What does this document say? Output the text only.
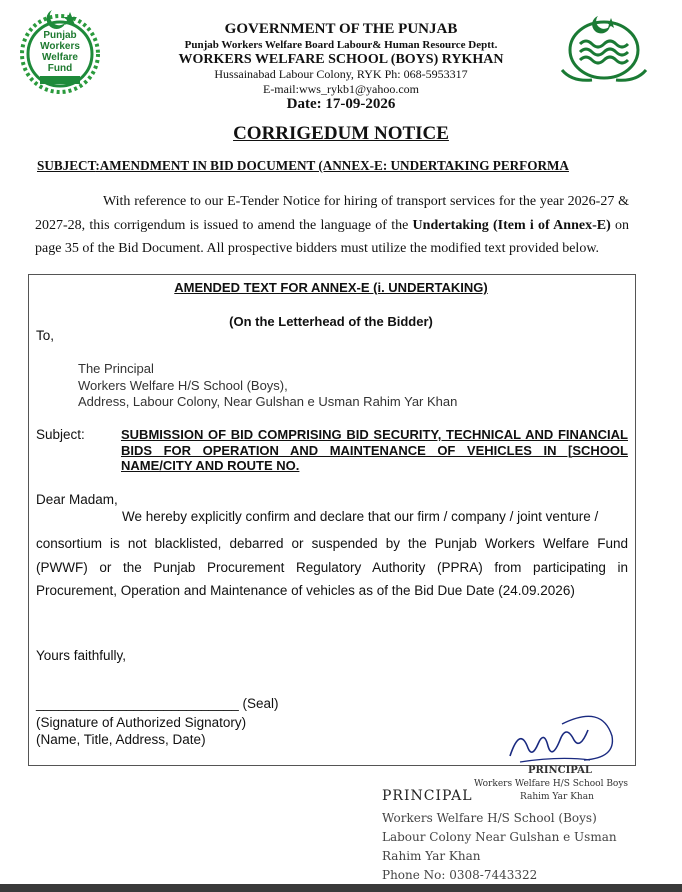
Punjab
Workers
Welfare
Fund
GOVERNMENT OF THE PUNJAB
Punjab Workers Welfare Board Labour& Human Resource Deptt.
WORKERS WELFARE SCHOOL (BOYS) RYKHAN
Hussainabad Labour Colony, RYK Ph: 068-5953317
E-mail:wws_rykb1@yahoo.com
Date: 17-09-2026
CORRIGEDUM NOTICE
SUBJECT:AMENDMENT IN BID DOCUMENT (ANNEX-E: UNDERTAKING PERFORMA
With reference to our E-Tender Notice for hiring of transport services for the year 2026-27 & 2027-28, this corrigendum is issued to amend the language of the Undertaking (Item i of Annex-E) on page 35 of the Bid Document. All prospective bidders must utilize the modified text provided below.
AMENDED TEXT FOR ANNEX-E (i. UNDERTAKING)
(On the Letterhead of the Bidder)
To,
The Principal
Workers Welfare H/S School (Boys),
Address, Labour Colony, Near Gulshan e Usman Rahim Yar Khan
Subject:	SUBMISSION OF BID COMPRISING BID SECURITY, TECHNICAL AND FINANCIAL BIDS FOR OPERATION AND MAINTENANCE OF VEHICLES IN [SCHOOL NAME/CITY AND ROUTE NO.
Dear Madam,
We hereby explicitly confirm and declare that our firm / company / joint venture /
consortium is not blacklisted, debarred or suspended by the Punjab Workers Welfare Fund (PWWF) or the Punjab Procurement Regulatory Authority (PPRA) from participating in Procurement, Operation and Maintenance of vehicles as of the Bid Due Date (24.09.2026)
Yours faithfully,
___________________________ (Seal)
(Signature of Authorized Signatory)
(Name, Title, Address, Date)
PRINCIPAL
Workers Welfare H/S School Boys
Rahim Yar Khan
PRINCIPAL
Workers Welfare H/S School (Boys)
Labour Colony Near Gulshan e Usman
Rahim Yar Khan
Phone No: 0308-7443322
